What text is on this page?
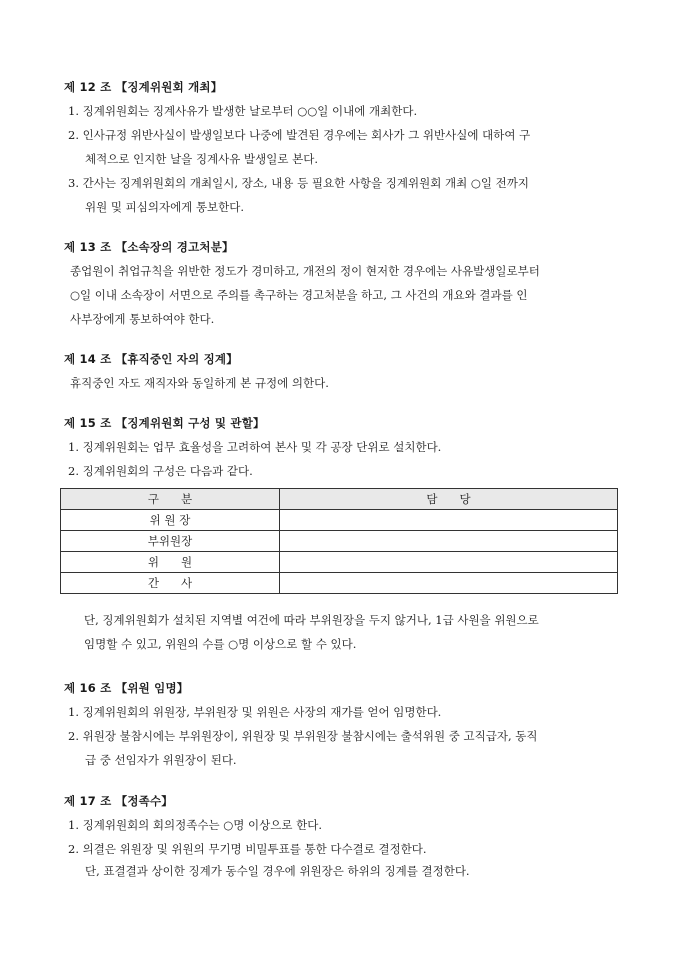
제 12 조 【징계위원회 개최】
1. 징계위원회는 징계사유가 발생한 날로부터 ○○일 이내에 개최한다.
2. 인사규정 위반사실이 발생일보다 나중에 발견된 경우에는 회사가 그 위반사실에 대하여 구
체적으로 인지한 날을 징계사유 발생일로 본다.
3. 간사는 징계위원회의 개최일시, 장소, 내용 등 필요한 사항을 징계위원회 개최 ○일 전까지
위원 및 피심의자에게 통보한다.
제 13 조 【소속장의 경고처분】
종업원이 취업규칙을 위반한 정도가 경미하고, 개전의 정이 현저한 경우에는 사유발생일로부터
○일 이내 소속장이 서면으로 주의를 촉구하는 경고처분을 하고, 그 사건의 개요와 결과를 인
사부장에게 통보하여야 한다.
제 14 조 【휴직중인 자의 징계】
휴직중인 자도 재직자와 동일하게 본 규정에 의한다.
제 15 조 【징계위원회 구성 및 관할】
1. 징계위원회는 업무 효율성을 고려하여 본사 및 각 공장 단위로 설치한다.
2. 징계위원회의 구성은 다음과 같다.
구      분	담      당
위 원 장	
부위원장	
위      원	
간      사	
단, 징계위원회가 설치된 지역별 여건에 따라 부위원장을 두지 않거나, 1급 사원을 위원으로
임명할 수 있고, 위원의 수를 ○명 이상으로 할 수 있다.
제 16 조 【위원 임명】
1. 징계위원회의 위원장, 부위원장 및 위원은 사장의 재가를 얻어 임명한다.
2. 위원장 불참시에는 부위원장이, 위원장 및 부위원장 불참시에는 출석위원 중 고직급자, 동직
급 중 선임자가 위원장이 된다.
제 17 조 【정족수】
1. 징계위원회의 회의정족수는 ○명 이상으로 한다.
2. 의결은 위원장 및 위원의 무기명 비밀투표를 통한 다수결로 결정한다.
단, 표결결과 상이한 징계가 동수일 경우에 위원장은 하위의 징계를 결정한다.
